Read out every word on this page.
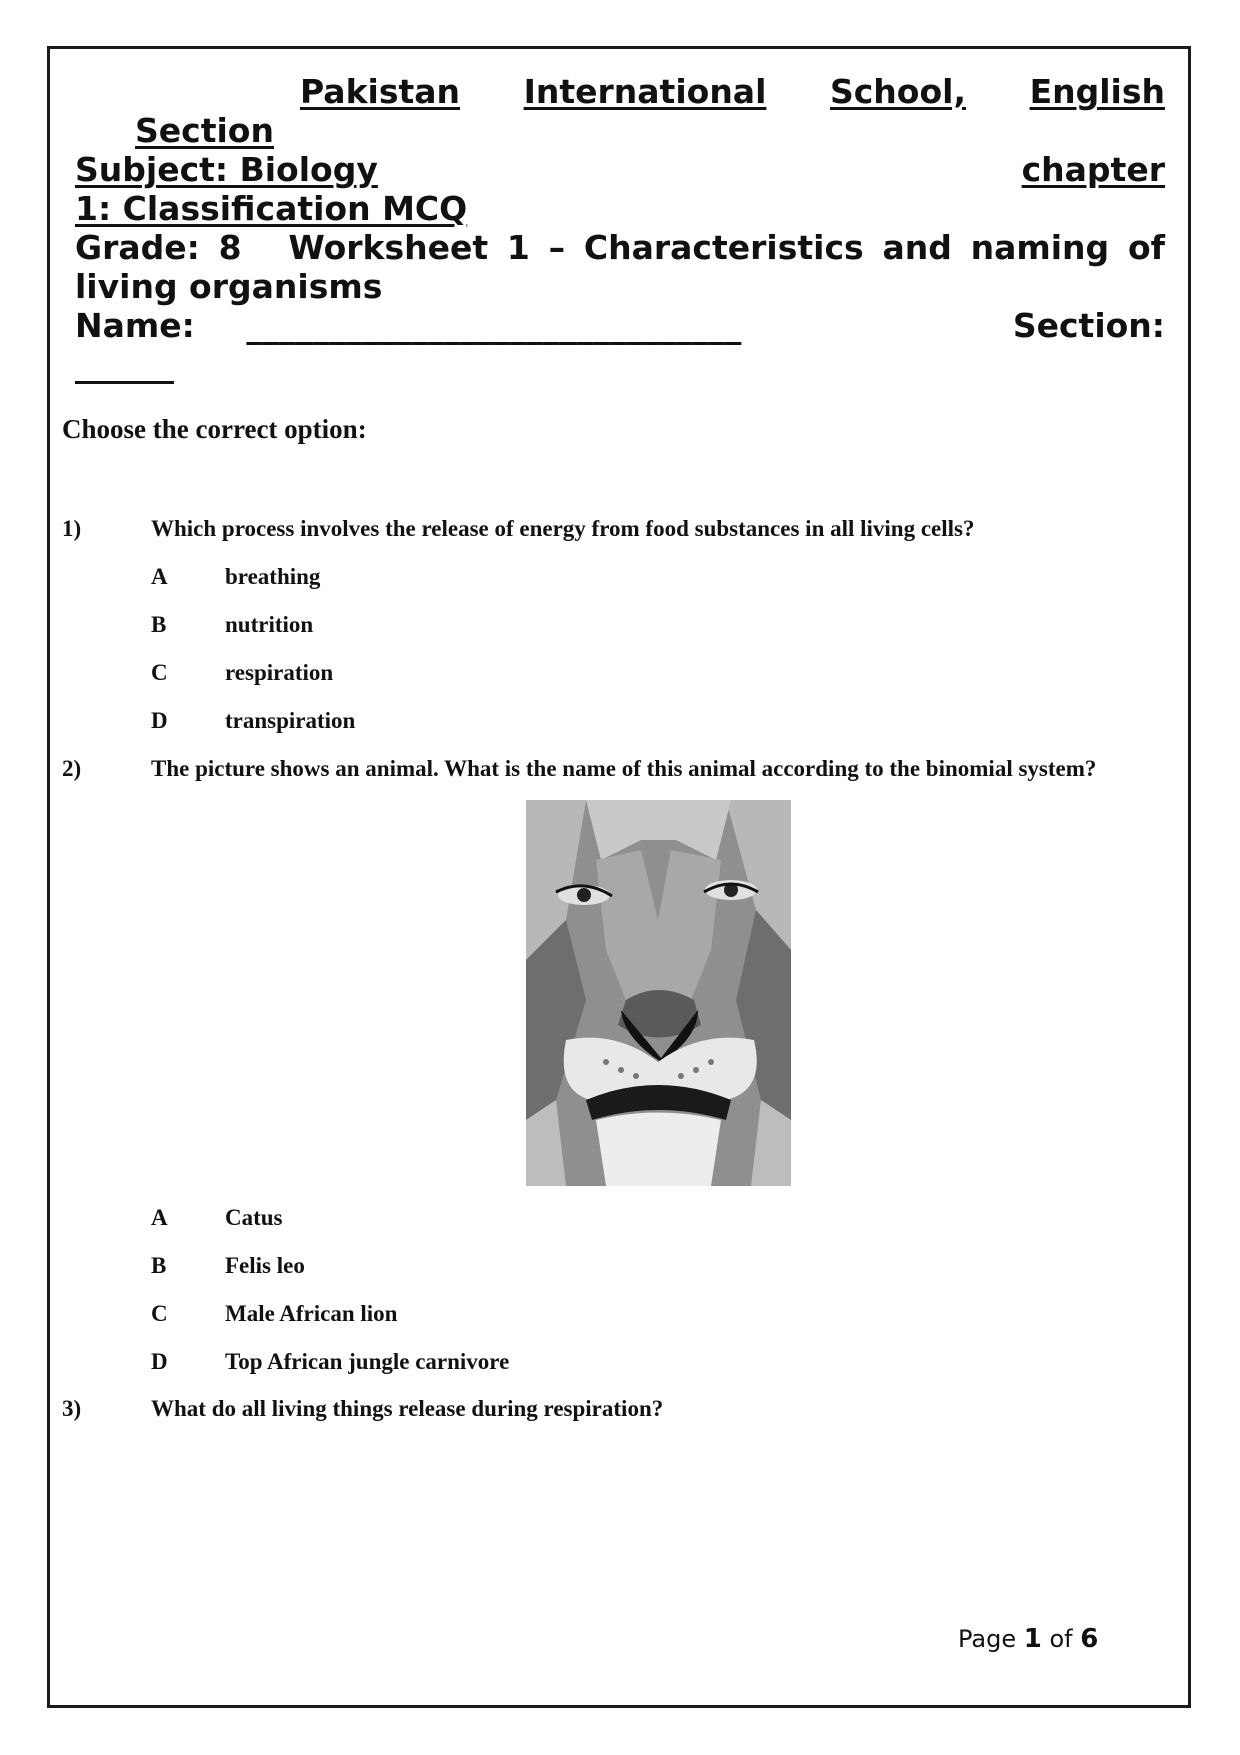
Pakistan International School, English
Section
Subject: Biology	chapter
1: Classification MCQ
Grade: 8 Worksheet 1 – Characteristics and naming of
living organisms
Name: ______________________________	Section:
______
Choose the correct option:
1)	Which process involves the release of energy from food substances in all living cells?
A breathing
B	nutrition
C respiration
D transpiration
2)	The picture shows an animal. What is the name of this animal according to the binomial system?
A Catus
B	Felis leo
C Male African lion
D Top African jungle carnivore
3)	What do all living things release during respiration?
Page 1 of 6
